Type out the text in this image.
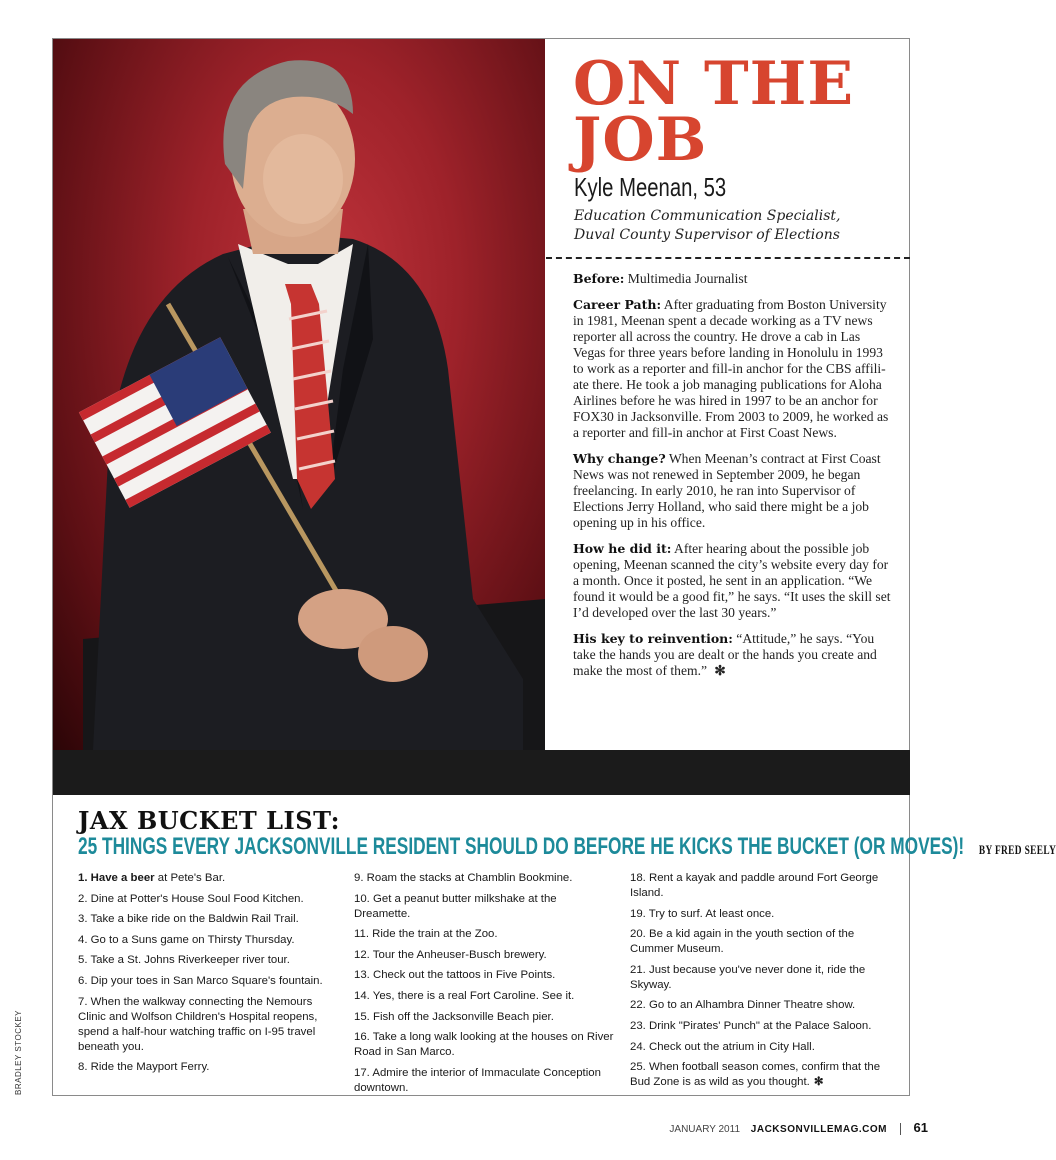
ON THE
JOB
Kyle Meenan, 53
Education Communication Specialist,
Duval County Supervisor of Elections

Before: Multimedia Journalist

Career Path: After graduating from Boston University in 1981, Meenan spent a decade working as a TV news reporter all across the country. He drove a cab in Las Vegas for three years before landing in Honolulu in 1993 to work as a reporter and fill-in anchor for the CBS affili-ate there. He took a job managing publications for Aloha Airlines before he was hired in 1997 to be an anchor for FOX30 in Jacksonville. From 2003 to 2009, he worked as a reporter and fill-in anchor at First Coast News.

Why change? When Meenan’s contract at First Coast News was not renewed in September 2009, he began freelancing. In early 2010, he ran into Supervisor of Elections Jerry Holland, who said there might be a job opening up in his office.

How he did it: After hearing about the possible job opening, Meenan scanned the city’s website every day for a month. Once it posted, he sent in an application. “We found it would be a good fit,” he says. “It uses the skill set I’d developed over the last 30 years.”

His key to reinvention: “Attitude,” he says. “You take the hands you are dealt or the hands you create and make the most of them.” ✻

JAX BUCKET LIST:
25 THINGS EVERY JACKSONVILLE RESIDENT SHOULD DO BEFORE HE KICKS THE BUCKET (OR MOVES)! BY FRED SEELY
1. Have a beer at Pete's Bar.
2. Dine at Potter's House Soul Food Kitchen.
3. Take a bike ride on the Baldwin Rail Trail.
4. Go to a Suns game on Thirsty Thursday.
5. Take a St. Johns Riverkeeper river tour.
6. Dip your toes in San Marco Square's fountain.
7. When the walkway connecting the Nemours Clinic and Wolfson Children's Hospital reopens, spend a half-hour watching traffic on I-95 travel beneath you.
8. Ride the Mayport Ferry.
9. Roam the stacks at Chamblin Bookmine.
10. Get a peanut butter milkshake at the Dreamette.
11. Ride the train at the Zoo.
12. Tour the Anheuser-Busch brewery.
13. Check out the tattoos in Five Points.
14. Yes, there is a real Fort Caroline. See it.
15. Fish off the Jacksonville Beach pier.
16. Take a long walk looking at the houses on River Road in San Marco.
17. Admire the interior of Immaculate Conception downtown.
18. Rent a kayak and paddle around Fort George Island.
19. Try to surf. At least once.
20. Be a kid again in the youth section of the Cummer Museum.
21. Just because you've never done it, ride the Skyway.
22. Go to an Alhambra Dinner Theatre show.
23. Drink "Pirates' Punch" at the Palace Saloon.
24. Check out the atrium in City Hall.
25. When football season comes, confirm that the Bud Zone is as wild as you thought. ✻
BRADLEY STOCKEY
JANUARY 2011 JACKSONVILLEMAG.COM 61
